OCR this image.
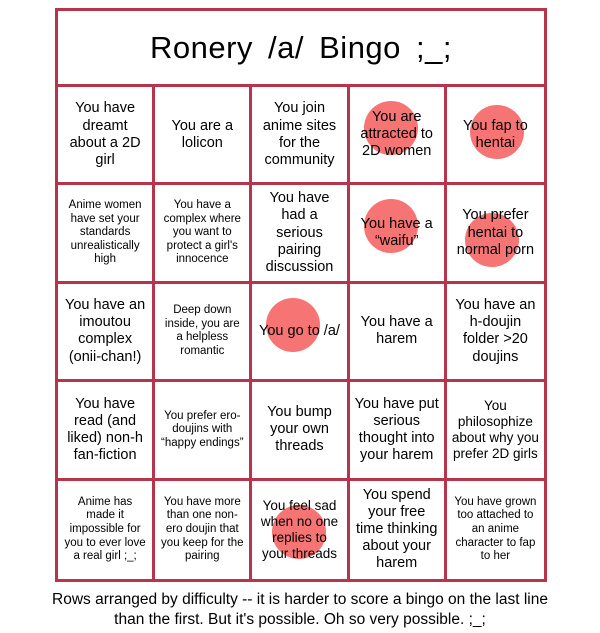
Ronery /a/ Bingo ;_;
You have dreamt about a 2D girl
You are a lolicon
You join anime sites for the community
You are attracted to 2D women
You fap to hentai
Anime women have set your standards unrealistically high
You have a complex where you want to protect a girl's innocence
You have had a serious pairing discussion
You have a “waifu”
You prefer hentai to normal porn
You have an imoutou complex (onii-chan!)
Deep down inside, you are a helpless romantic
You go to /a/
You have a harem
You have an h-doujin folder >20 doujins
You have read (and liked) non-h fan-fiction
You prefer ero-doujins with “happy endings”
You bump your own threads
You have put serious thought into your harem
You philosophize about why you prefer 2D girls
Anime has made it impossible for you to ever love a real girl ;_;
You have more than one non-ero doujin that you keep for the pairing
You feel sad when no one replies to your threads
You spend your free time thinking about your harem
You have grown too attached to an anime character to fap to her
Rows arranged by difficulty -- it is harder to score a bingo on the last line
than the first. But it's possible. Oh so very possible. ;_;
